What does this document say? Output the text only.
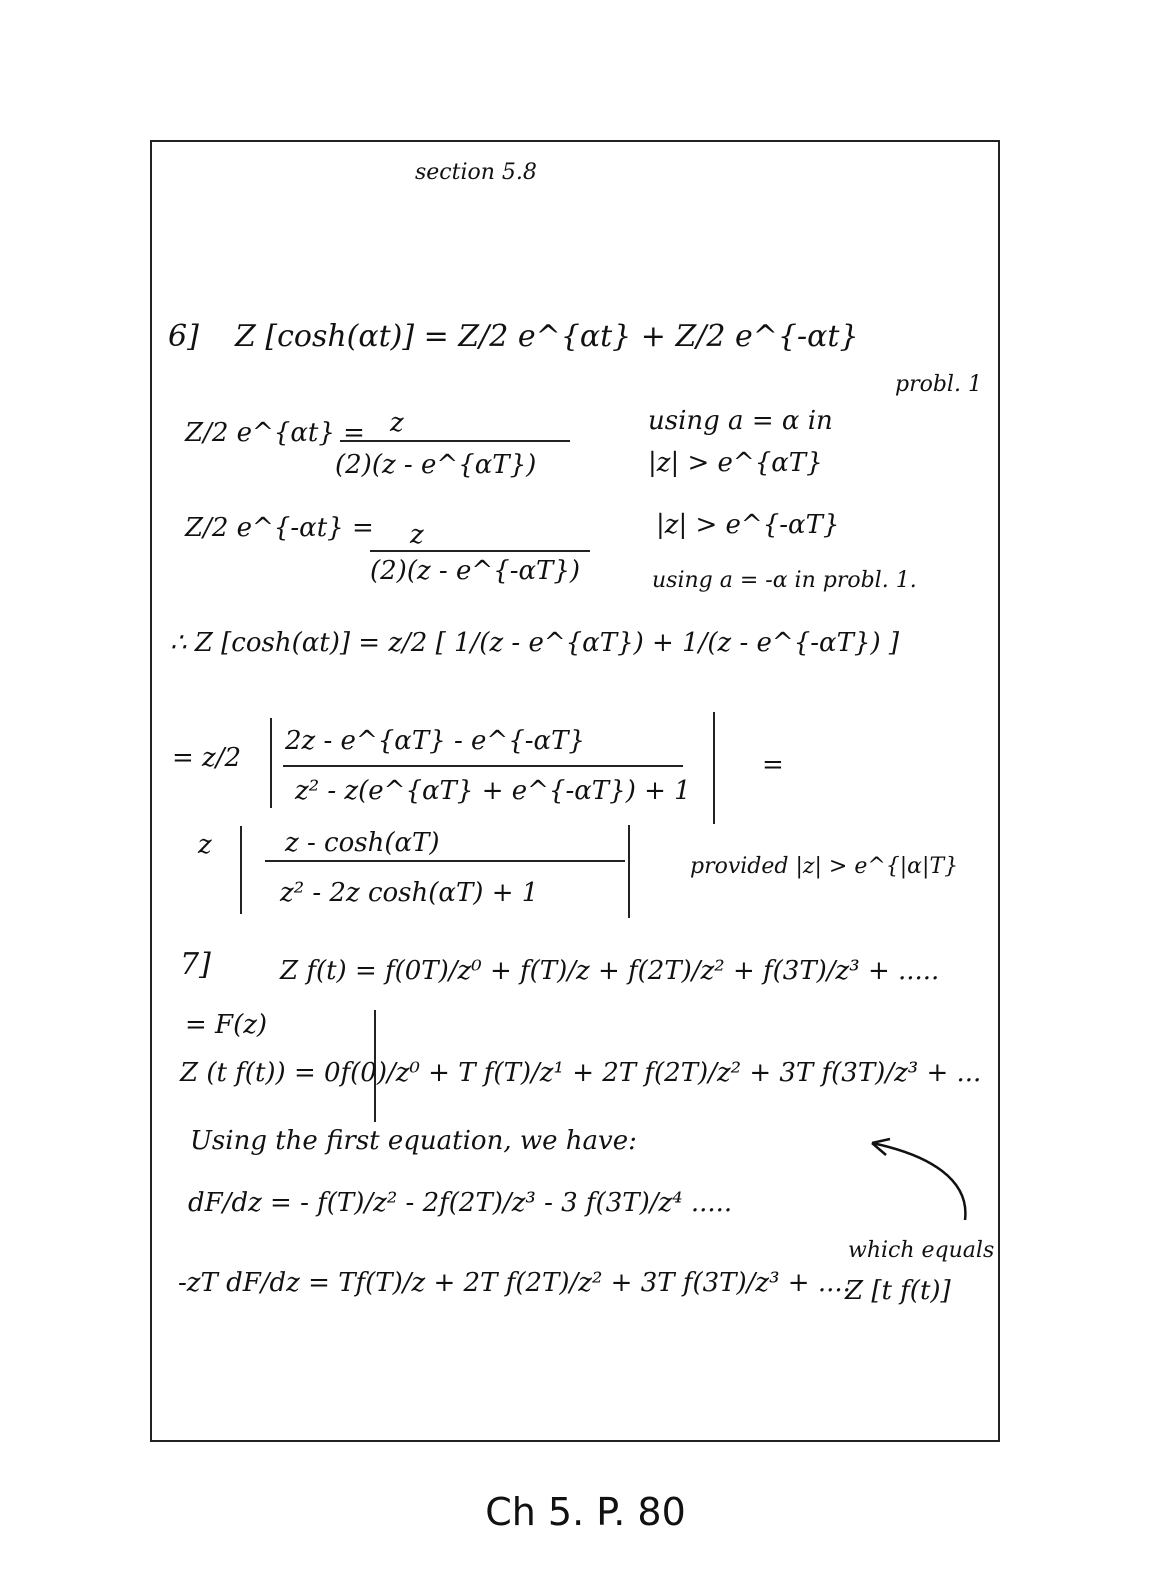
section 5.8
6] Z [cosh(αt)] = Z/2 e^{αt} + Z/2 e^{-αt}
probl. 1
Z/2 e^{αt} = z
(2)(z - e^{αT})
using a = α in
|z| > e^{αT}
Z/2 e^{-αt} = z
(2)(z - e^{-αT})
|z| > e^{-αT}
using a = -α in probl. 1.
∴ Z [cosh(αt)] = z/2 [ 1/(z - e^{αT}) + 1/(z - e^{-αT}) ]
= z/2
2z - e^{αT} - e^{-αT}
z² - z(e^{αT} + e^{-αT}) + 1
=
z	z - cosh(αT)
z² - 2z cosh(αT) + 1
provided |z| > e^{|α|T}
7]	Z f(t) = f(0T)/z⁰ + f(T)/z + f(2T)/z² + f(3T)/z³ + .....
= F(z)
Z (t f(t)) = 0f(0)/z⁰ + T f(T)/z¹ + 2T f(2T)/z² + 3T f(3T)/z³ + ...
Using the first equation, we have:
dF/dz = - f(T)/z² - 2f(2T)/z³ - 3 f(3T)/z⁴ .....
which equals
-zT dF/dz = Tf(T)/z + 2T f(2T)/z² + 3T f(3T)/z³ + ....
Z [t f(t)]
Ch 5. P. 80
